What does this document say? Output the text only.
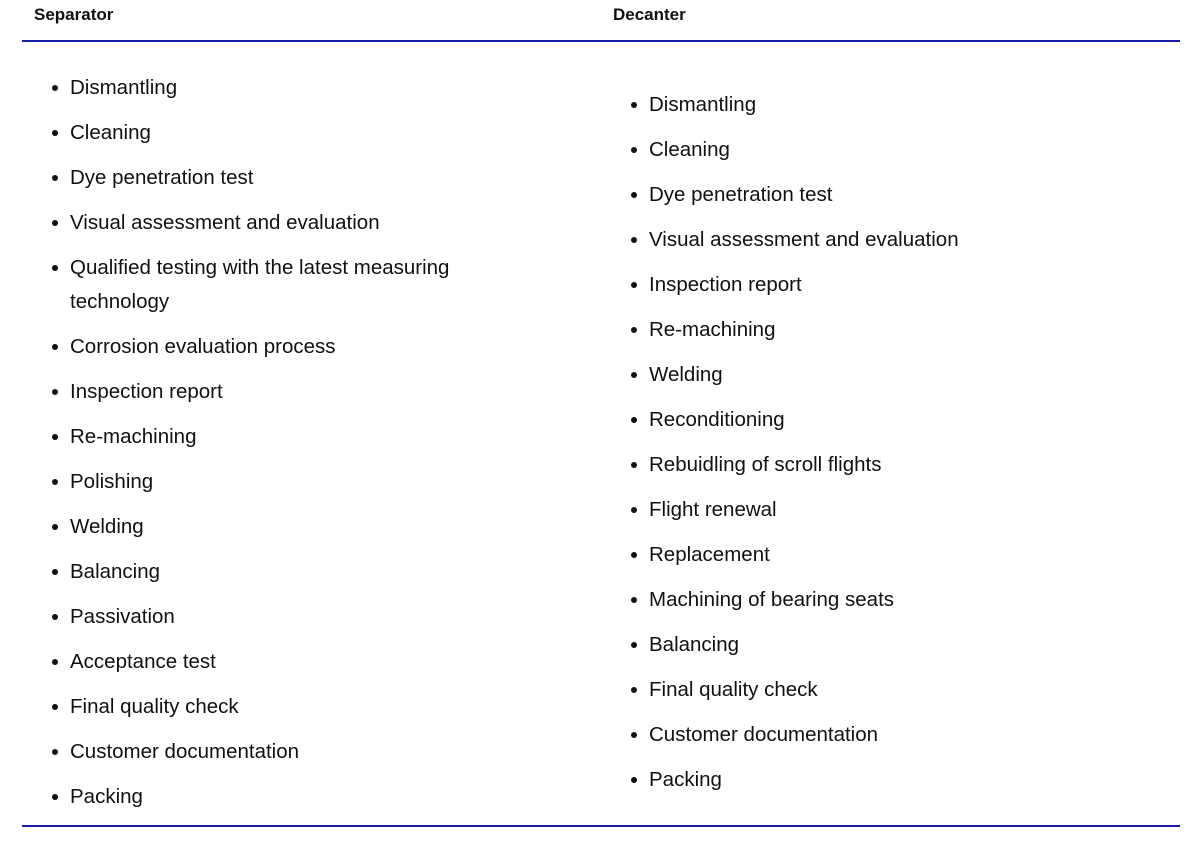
Separator	Decanter
Dismantling
Cleaning
Dye penetration test
Visual assessment and evaluation
Qualified testing with the latest measuring technology
Corrosion evaluation process
Inspection report
Re-machining
Polishing
Welding
Balancing
Passivation
Acceptance test
Final quality check
Customer documentation
Packing
Dismantling
Cleaning
Dye penetration test
Visual assessment and evaluation
Inspection report
Re-machining
Welding
Reconditioning
Rebuidling of scroll flights
Flight renewal
Replacement
Machining of bearing seats
Balancing
Final quality check
Customer documentation
Packing
